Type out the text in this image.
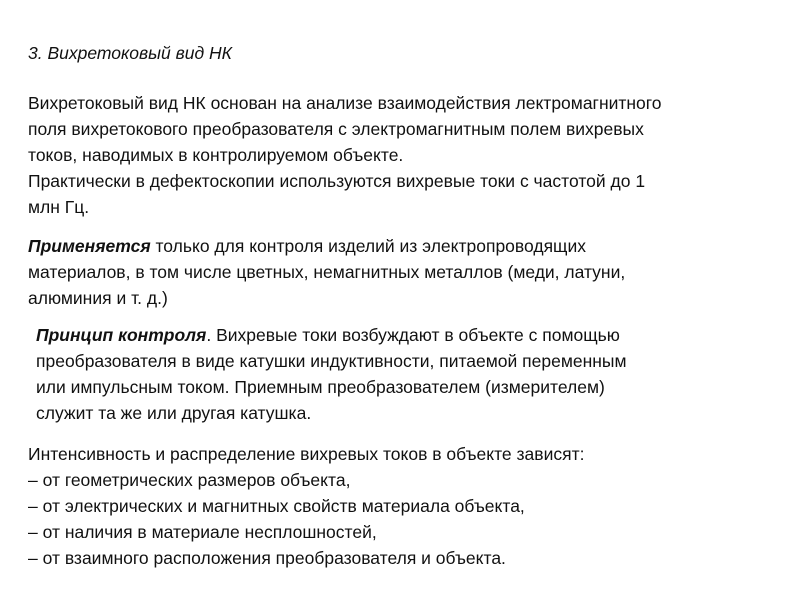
3. Вихретоковый вид НК
Вихретоковый вид НК основан на анализе взаимодействия лектромагнитного
поля вихретокового преобразователя с электромагнитным полем вихревых
токов, наводимых в контролируемом объекте.
Практически в дефектоскопии используются вихревые токи с частотой до 1
млн Гц.
Применяется только для контроля изделий из электропроводящих
материалов, в том числе цветных, немагнитных металлов (меди, латуни,
алюминия и т. д.)
Принцип контроля. Вихревые токи возбуждают в объекте с помощью
преобразователя в виде катушки индуктивности, питаемой переменным
или импульсным током. Приемным преобразователем (измерителем)
служит та же или другая катушка.
Интенсивность и распределение вихревых токов в объекте зависят:
– от геометрических размеров объекта,
– от электрических и магнитных свойств материала объекта,
– от наличия в материале несплошностей,
– от взаимного расположения преобразователя и объекта.
